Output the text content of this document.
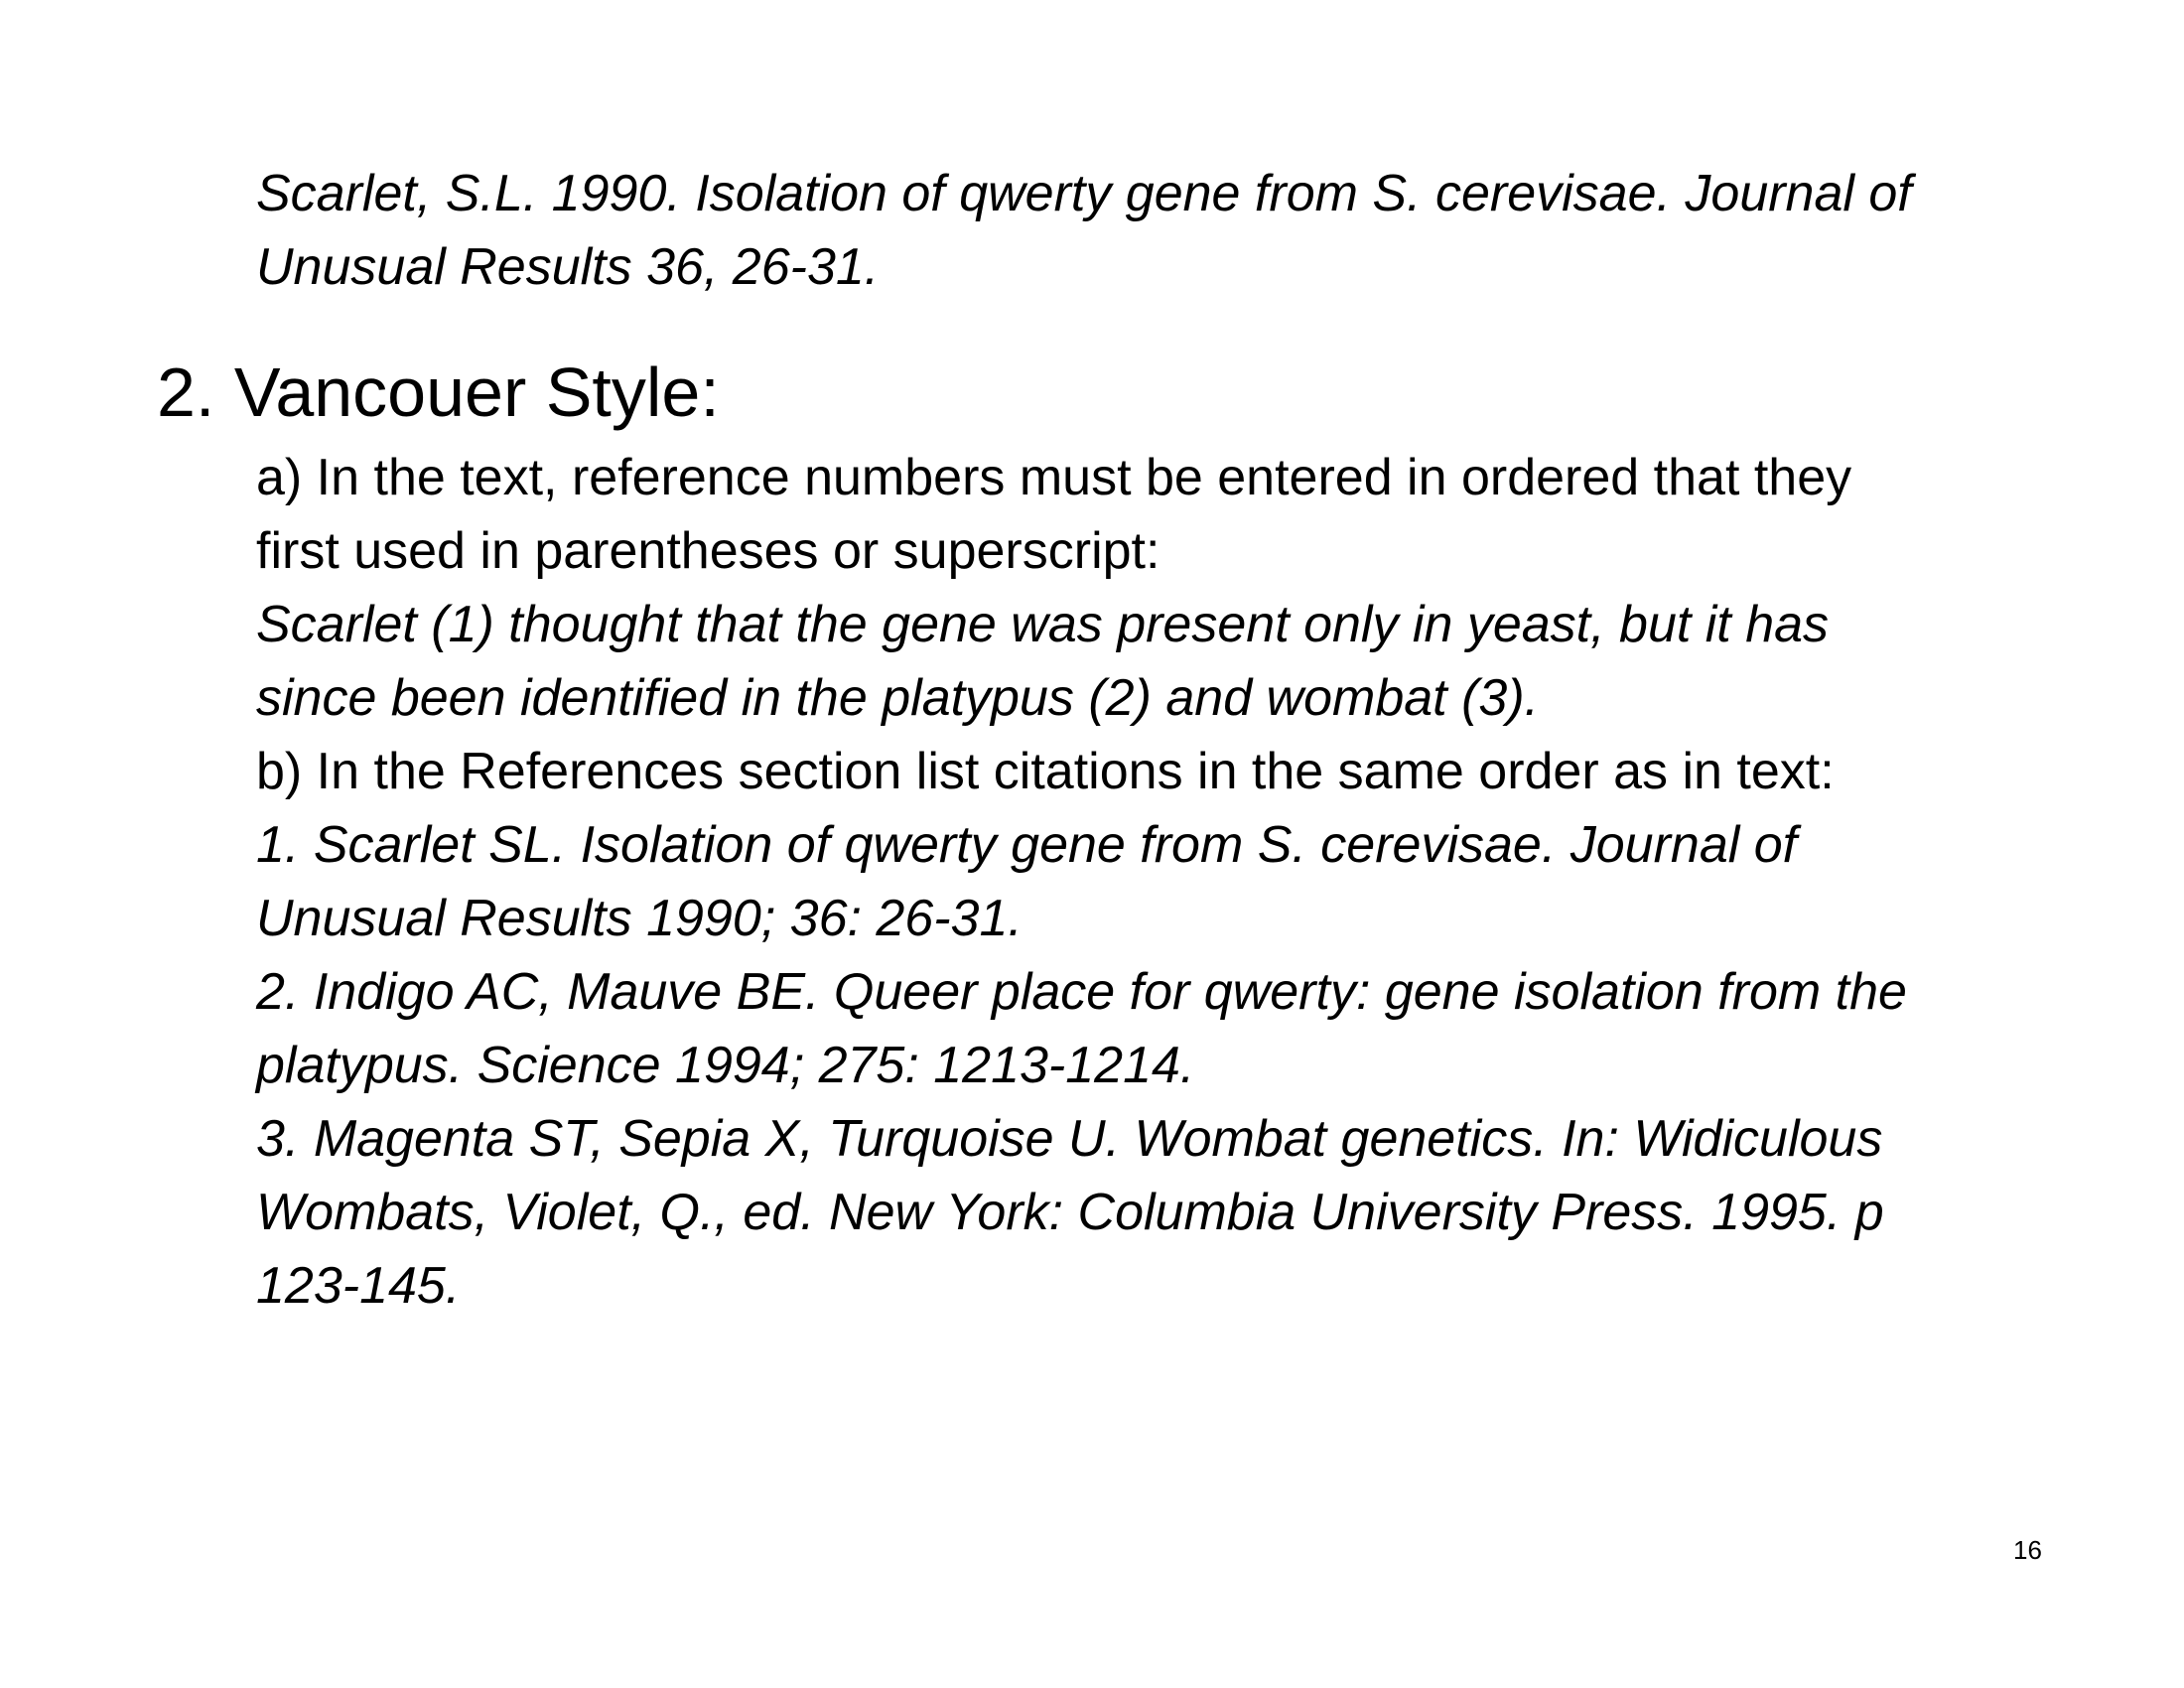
Scarlet, S.L. 1990. Isolation of qwerty gene from S. cerevisae. Journal of
Unusual Results 36, 26-31.
2. Vancouer Style:
a) In the text, reference numbers must be entered in ordered that they
first used in parentheses or superscript:
Scarlet (1) thought that the gene was present only in yeast, but it has
since been identified in the platypus (2) and wombat (3).
b) In the References section list citations in the same order as in text:
1. Scarlet SL. Isolation of qwerty gene from S. cerevisae. Journal of
Unusual Results 1990; 36: 26-31.
2. Indigo AC, Mauve BE. Queer place for qwerty: gene isolation from the
platypus. Science 1994; 275: 1213-1214.
3. Magenta ST, Sepia X, Turquoise U. Wombat genetics. In: Widiculous
Wombats, Violet, Q., ed. New York: Columbia University Press. 1995. p
123-145.
16
